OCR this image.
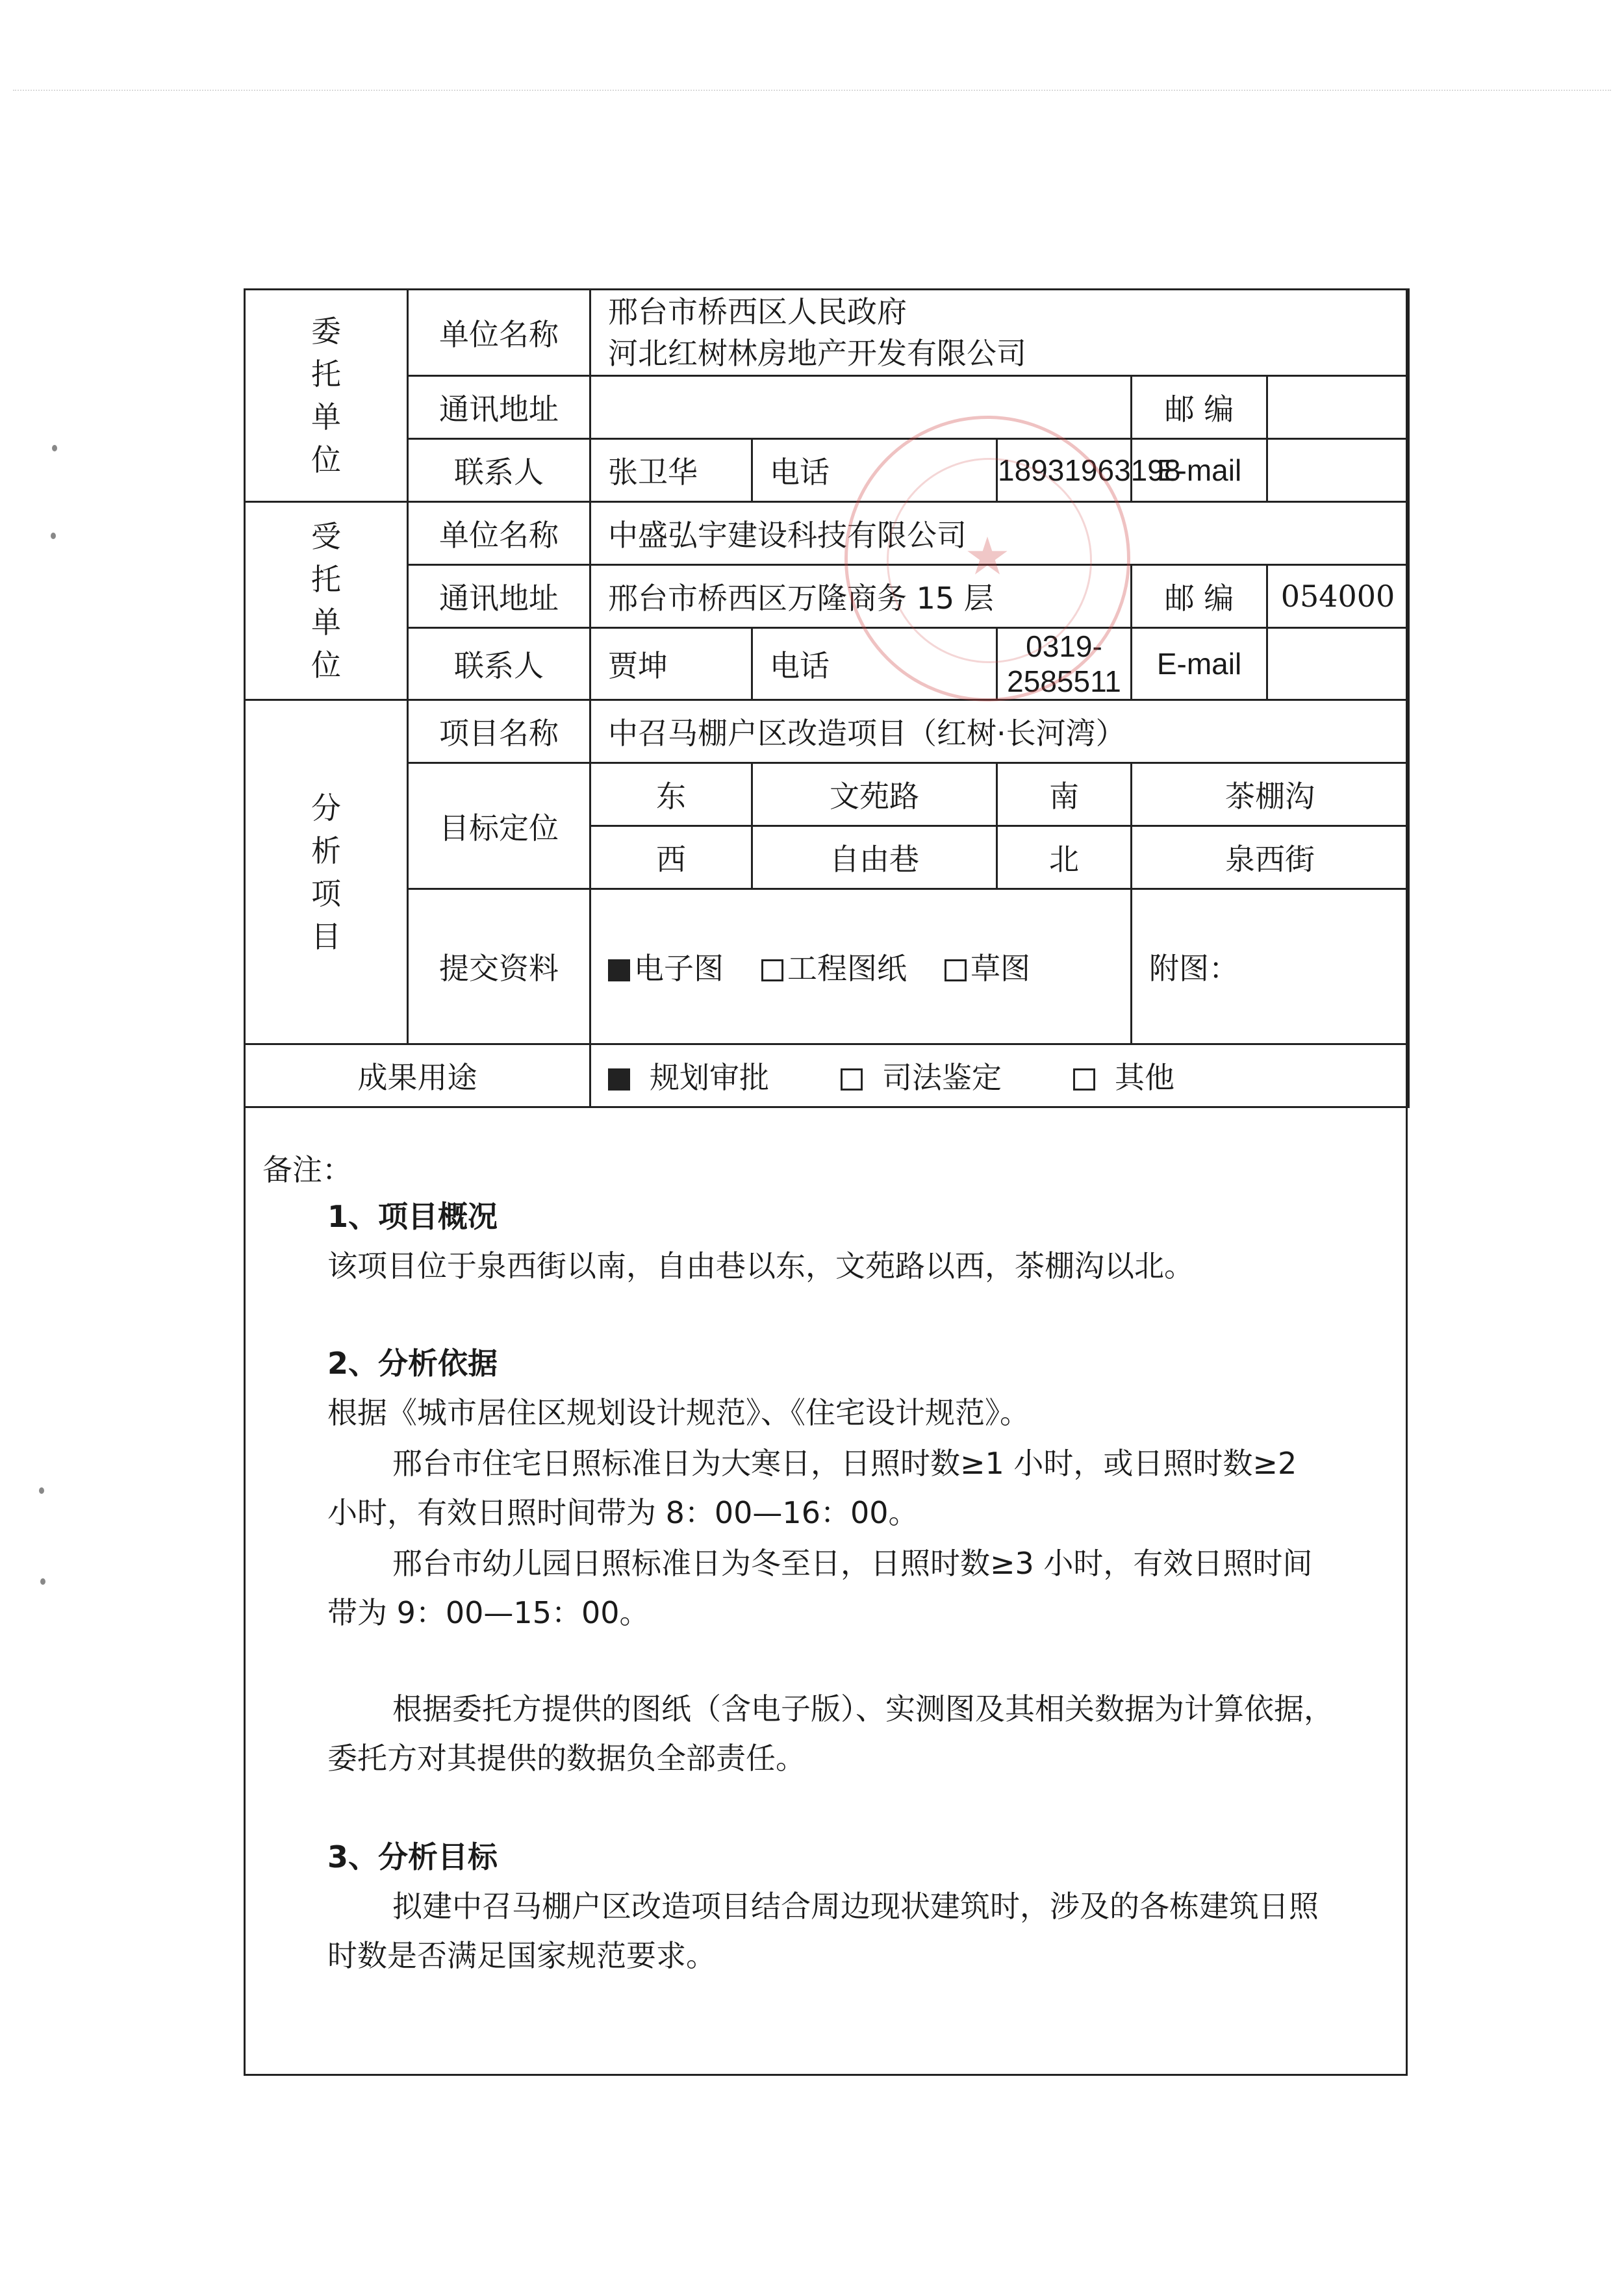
委
托
单
位	单位名称	邢台市桥西区人民政府
河北红树林房地产开发有限公司				

	通讯地址				邮 编	
	联系人	张卫华	电话	18931963198	E-mail	

受
托
单
位	单位名称	中盛弘宇建设科技有限公司				
	通讯地址	邢台市桥西区万隆商务 15 层			邮 编	054000
	联系人	贾坤	电话	0319-2585511	E-mail	

分
析
项
目	项目名称	中召马棚户区改造项目（红树·长河湾）				
	目标定位	东	文苑路	南	茶棚沟	
		西	自由巷	北	泉西街	
	提交资料	电子图 工程图纸 草图			附图：	
成果用途		规划审批 司法鉴定 其他				
备注：

1、项目概况

该项目位于泉西街以南，自由巷以东，文苑路以西，茶棚沟以北。

2、分析依据

根据《城市居住区规划设计规范》、《住宅设计规范》。

邢台市住宅日照标准日为大寒日，日照时数≥1 小时，或日照时数≥2

小时，有效日照时间带为 8：00—16：00。

邢台市幼儿园日照标准日为冬至日，日照时数≥3 小时，有效日照时间

带为 9：00—15：00。

根据委托方提供的图纸（含电子版）、实测图及其相关数据为计算依据，

委托方对其提供的数据负全部责任。

3、分析目标

拟建中召马棚户区改造项目结合周边现状建筑时，涉及的各栋建筑日照

时数是否满足国家规范要求。

★
